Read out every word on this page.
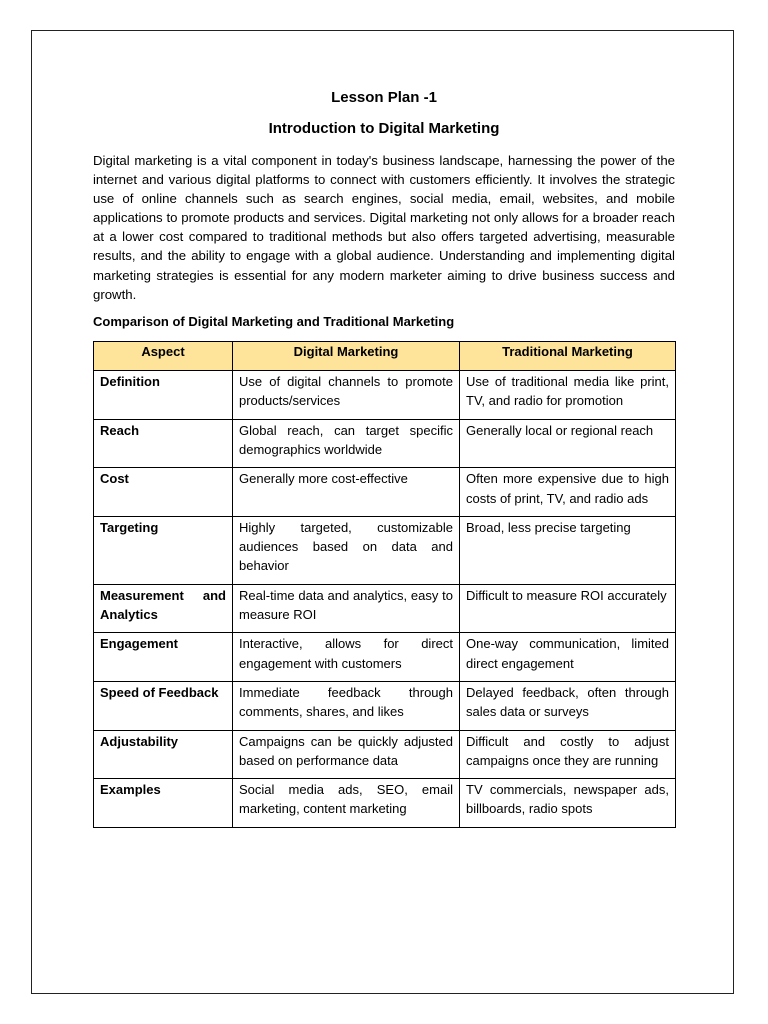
Lesson Plan -1
Introduction to Digital Marketing

Digital marketing is a vital component in today's business landscape, harnessing the power of the internet and various digital platforms to connect with customers efficiently. It involves the strategic use of online channels such as search engines, social media, email, websites, and mobile applications to promote products and services. Digital marketing not only allows for a broader reach at a lower cost compared to traditional methods but also offers targeted advertising, measurable results, and the ability to engage with a global audience. Understanding and implementing digital marketing strategies is essential for any modern marketer aiming to drive business success and growth.

Comparison of Digital Marketing and Traditional Marketing

Aspect	Digital Marketing	Traditional Marketing
Definition	Use of digital channels to promote products/services	Use of traditional media like print, TV, and radio for promotion
Reach	Global reach, can target specific demographics worldwide	Generally local or regional reach
Cost	Generally more cost-effective	Often more expensive due to high costs of print, TV, and radio ads
Targeting	Highly targeted, customizable audiences based on data and behavior	Broad, less precise targeting
Measurement and Analytics	Real-time data and analytics, easy to measure ROI	Difficult to measure ROI accurately
Engagement	Interactive, allows for direct engagement with customers	One-way communication, limited direct engagement
Speed of Feedback	Immediate feedback through comments, shares, and likes	Delayed feedback, often through sales data or surveys
Adjustability	Campaigns can be quickly adjusted based on performance data	Difficult and costly to adjust campaigns once they are running
Examples	Social media ads, SEO, email marketing, content marketing	TV commercials, newspaper ads, billboards, radio spots
